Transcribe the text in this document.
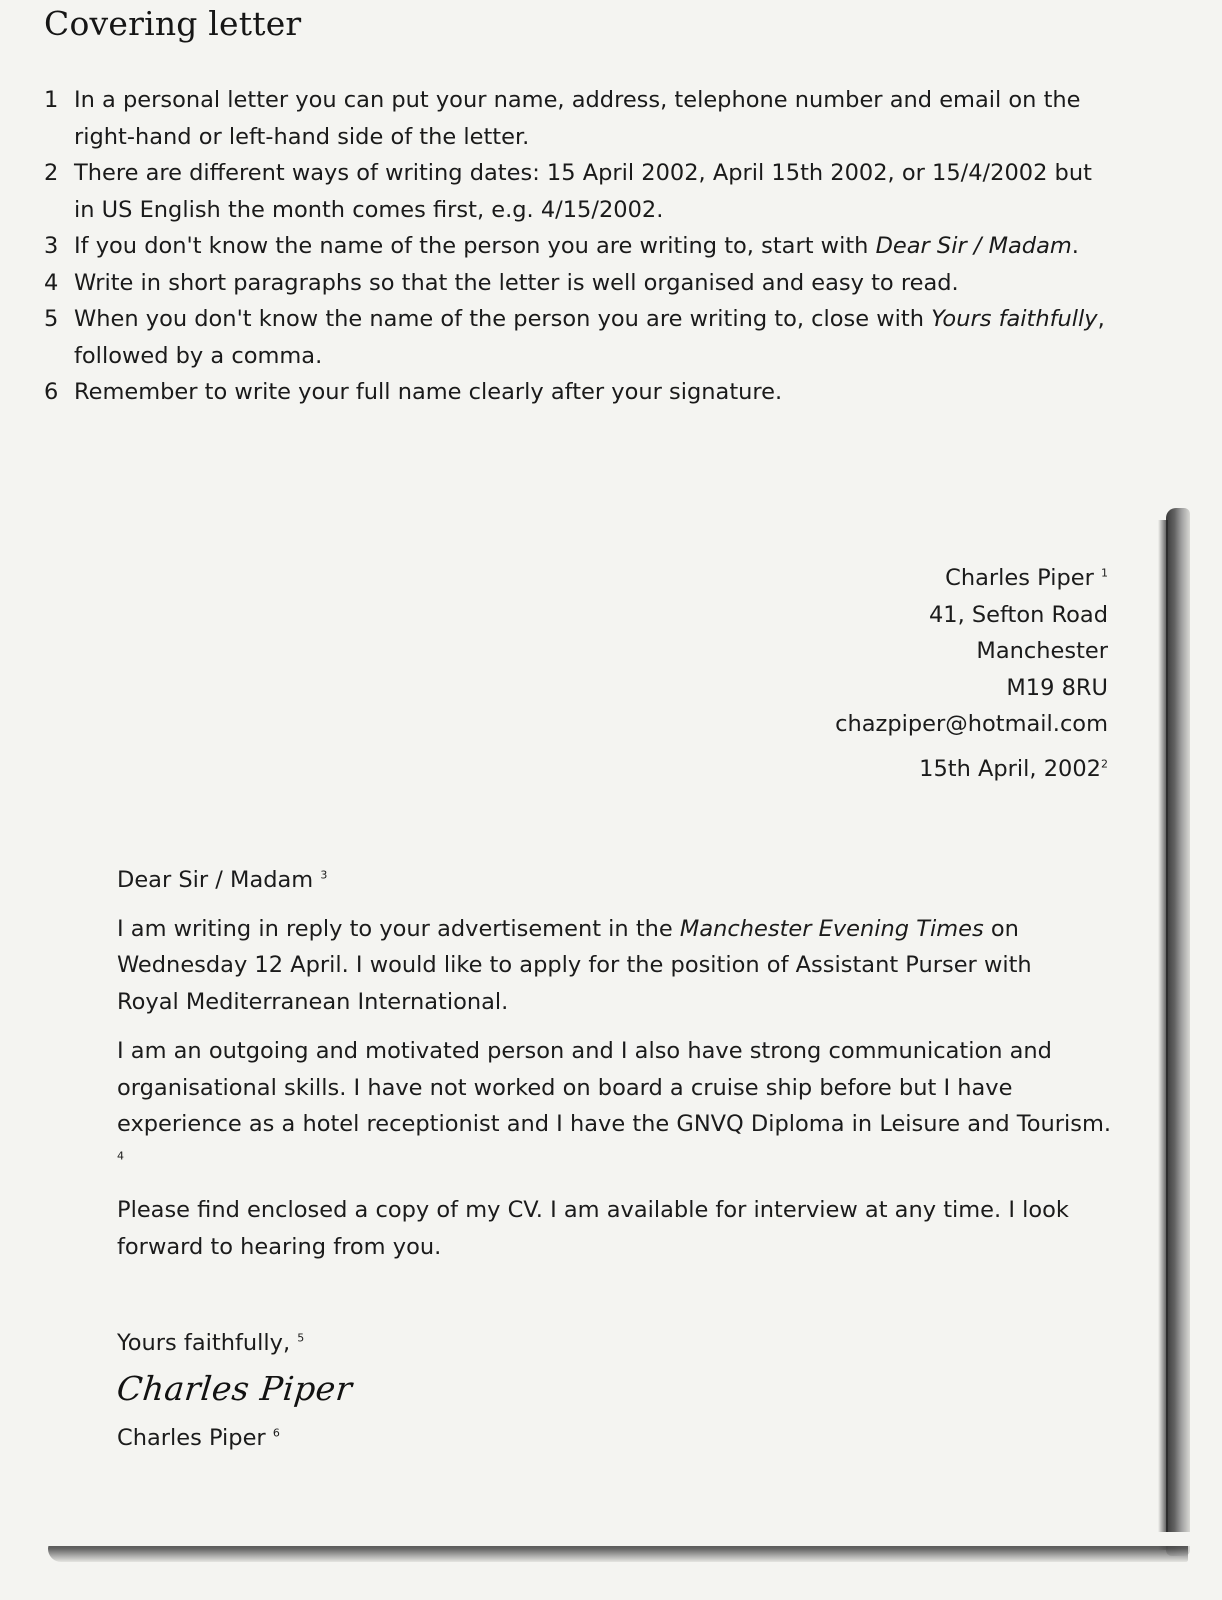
Covering letter
1 In a personal letter you can put your name, address, telephone number and email on the
right-hand or left-hand side of the letter.
2 There are different ways of writing dates: 15 April 2002, April 15th 2002, or 15/4/2002 but
in US English the month comes first, e.g. 4/15/2002.
3 If you don't know the name of the person you are writing to, start with Dear Sir / Madam.
4 Write in short paragraphs so that the letter is well organised and easy to read.
5 When you don't know the name of the person you are writing to, close with Yours faithfully,
followed by a comma.
6 Remember to write your full name clearly after your signature.
Charles Piper $^1$
41, Sefton Road
Manchester
M19 8RU
chazpiper@hotmail.com
15th April, 2002$^2$

Dear Sir / Madam $^3$

I am writing in reply to your advertisement in the Manchester Evening Times on
Wednesday 12 April. I would like to apply for the position of Assistant Purser with
Royal Mediterranean International.

I am an outgoing and motivated person and I also have strong communication and
organisational skills. I have not worked on board a cruise ship before but I have
experience as a hotel receptionist and I have the GNVQ Diploma in Leisure and Tourism. $^4$

Please find enclosed a copy of my CV. I am available for interview at any time. I look
forward to hearing from you.

Yours faithfully, $^5$
Charles Piper
Charles Piper $^6$
